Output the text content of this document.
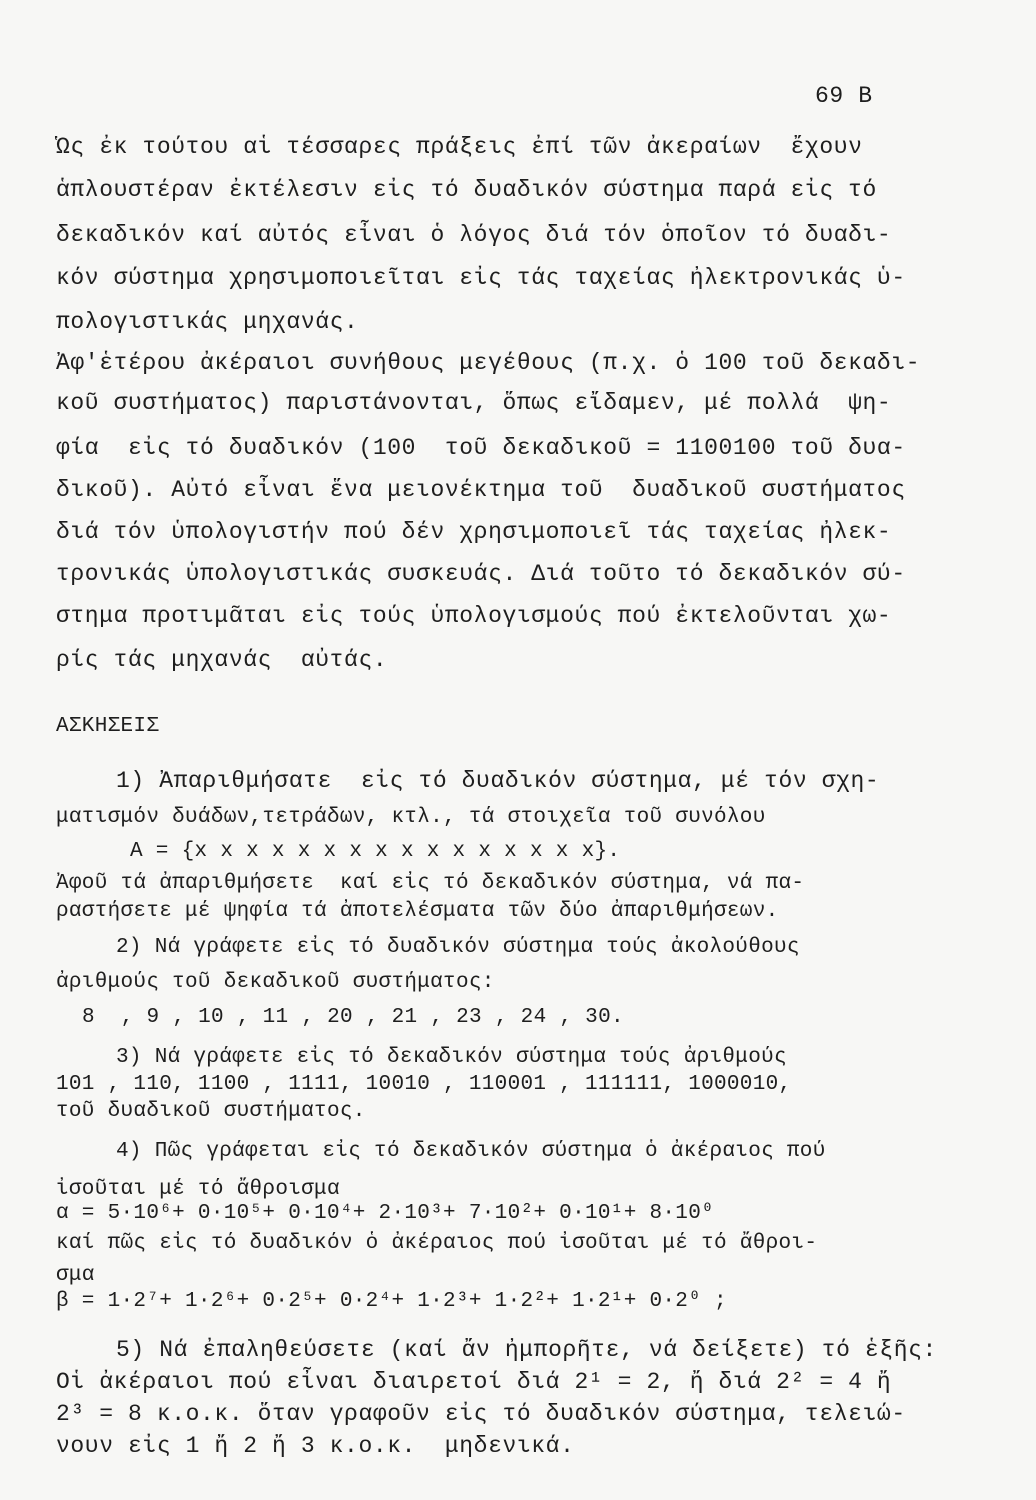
69 B
Ὡς ἐκ τούτου αἱ τέσσαρες πράξεις ἐπί τῶν ἀκεραίων  ἔχουν
ἁπλουστέραν ἐκτέλεσιν εἰς τό δυαδικόν σύστημα παρά εἰς τό
δεκαδικόν καί αὐτός εἶναι ὁ λόγος διά τόν ὁποῖον τό δυαδι-
κόν σύστημα χρησιμοποιεῖται εἰς τάς ταχείας ἠλεκτρονικάς ὑ-
πολογιστικάς μηχανάς.
Ἀφ'ἑτέρου ἀκέραιοι συνήθους μεγέθους (π.χ. ὁ 100 τοῦ δεκαδι-
κοῦ συστήματος) παριστάνονται, ὅπως εἴδαμεν, μέ πολλά  ψη-
φία  εἰς τό δυαδικόν (100  τοῦ δεκαδικοῦ = 1100100 τοῦ δυα-
δικοῦ). Αὐτό εἶναι ἕνα μειονέκτημα τοῦ  δυαδικοῦ συστήματος
διά τόν ὑπολογιστήν πού δέν χρησιμοποιεῖ τάς ταχείας ἠλεκ-
τρονικάς ὑπολογιστικάς συσκευάς. Διά τοῦτο τό δεκαδικόν σύ-
στημα προτιμᾶται εἰς τούς ὑπολογισμούς πού ἐκτελοῦνται χω-
ρίς τάς μηχανάς  αὐτάς.
ΑΣΚΗΣΕΙΣ
1) Ἀπαριθμήσατε  εἰς τό δυαδικόν σύστημα, μέ τόν σχη-
ματισμόν δυάδων,τετράδων, κτλ., τά στοιχεῖα τοῦ συνόλου
A = {x x x x x x x x x x x x x x x x}.
Ἀφοῦ τά ἀπαριθμήσετε  καί εἰς τό δεκαδικόν σύστημα, νά πα-
ραστήσετε μέ ψηφία τά ἀποτελέσματα τῶν δύο ἀπαριθμήσεων.
2) Νά γράφετε εἰς τό δυαδικόν σύστημα τούς ἀκολούθους
ἀριθμούς τοῦ δεκαδικοῦ συστήματος:
8  , 9 , 10 , 11 , 20 , 21 , 23 , 24 , 30.
3) Νά γράφετε εἰς τό δεκαδικόν σύστημα τούς ἀριθμούς
101 , 110, 1100 , 1111, 10010 , 110001 , 111111, 1000010,
τοῦ δυαδικοῦ συστήματος.
4) Πῶς γράφεται εἰς τό δεκαδικόν σύστημα ὁ ἀκέραιος πού
ἰσοῦται μέ τό ἄθροισμα
α = 5·10⁶+ 0·10⁵+ 0·10⁴+ 2·10³+ 7·10²+ 0·10¹+ 8·10⁰
καί πῶς εἰς τό δυαδικόν ὁ ἀκέραιος πού ἰσοῦται μέ τό ἄθροι-
σμα
β = 1·2⁷+ 1·2⁶+ 0·2⁵+ 0·2⁴+ 1·2³+ 1·2²+ 1·2¹+ 0·2⁰ ;
5) Νά ἐπαληθεύσετε (καί ἄν ἠμπορῆτε, νά δείξετε) τό ἑξῆς:
Οἱ ἀκέραιοι πού εἶναι διαιρετοί διά 2¹ = 2, ἤ διά 2² = 4 ἤ
2³ = 8 κ.ο.κ. ὅταν γραφοῦν εἰς τό δυαδικόν σύστημα, τελειώ-
νουν εἰς 1 ἤ 2 ἤ 3 κ.ο.κ.  μηδενικά.
